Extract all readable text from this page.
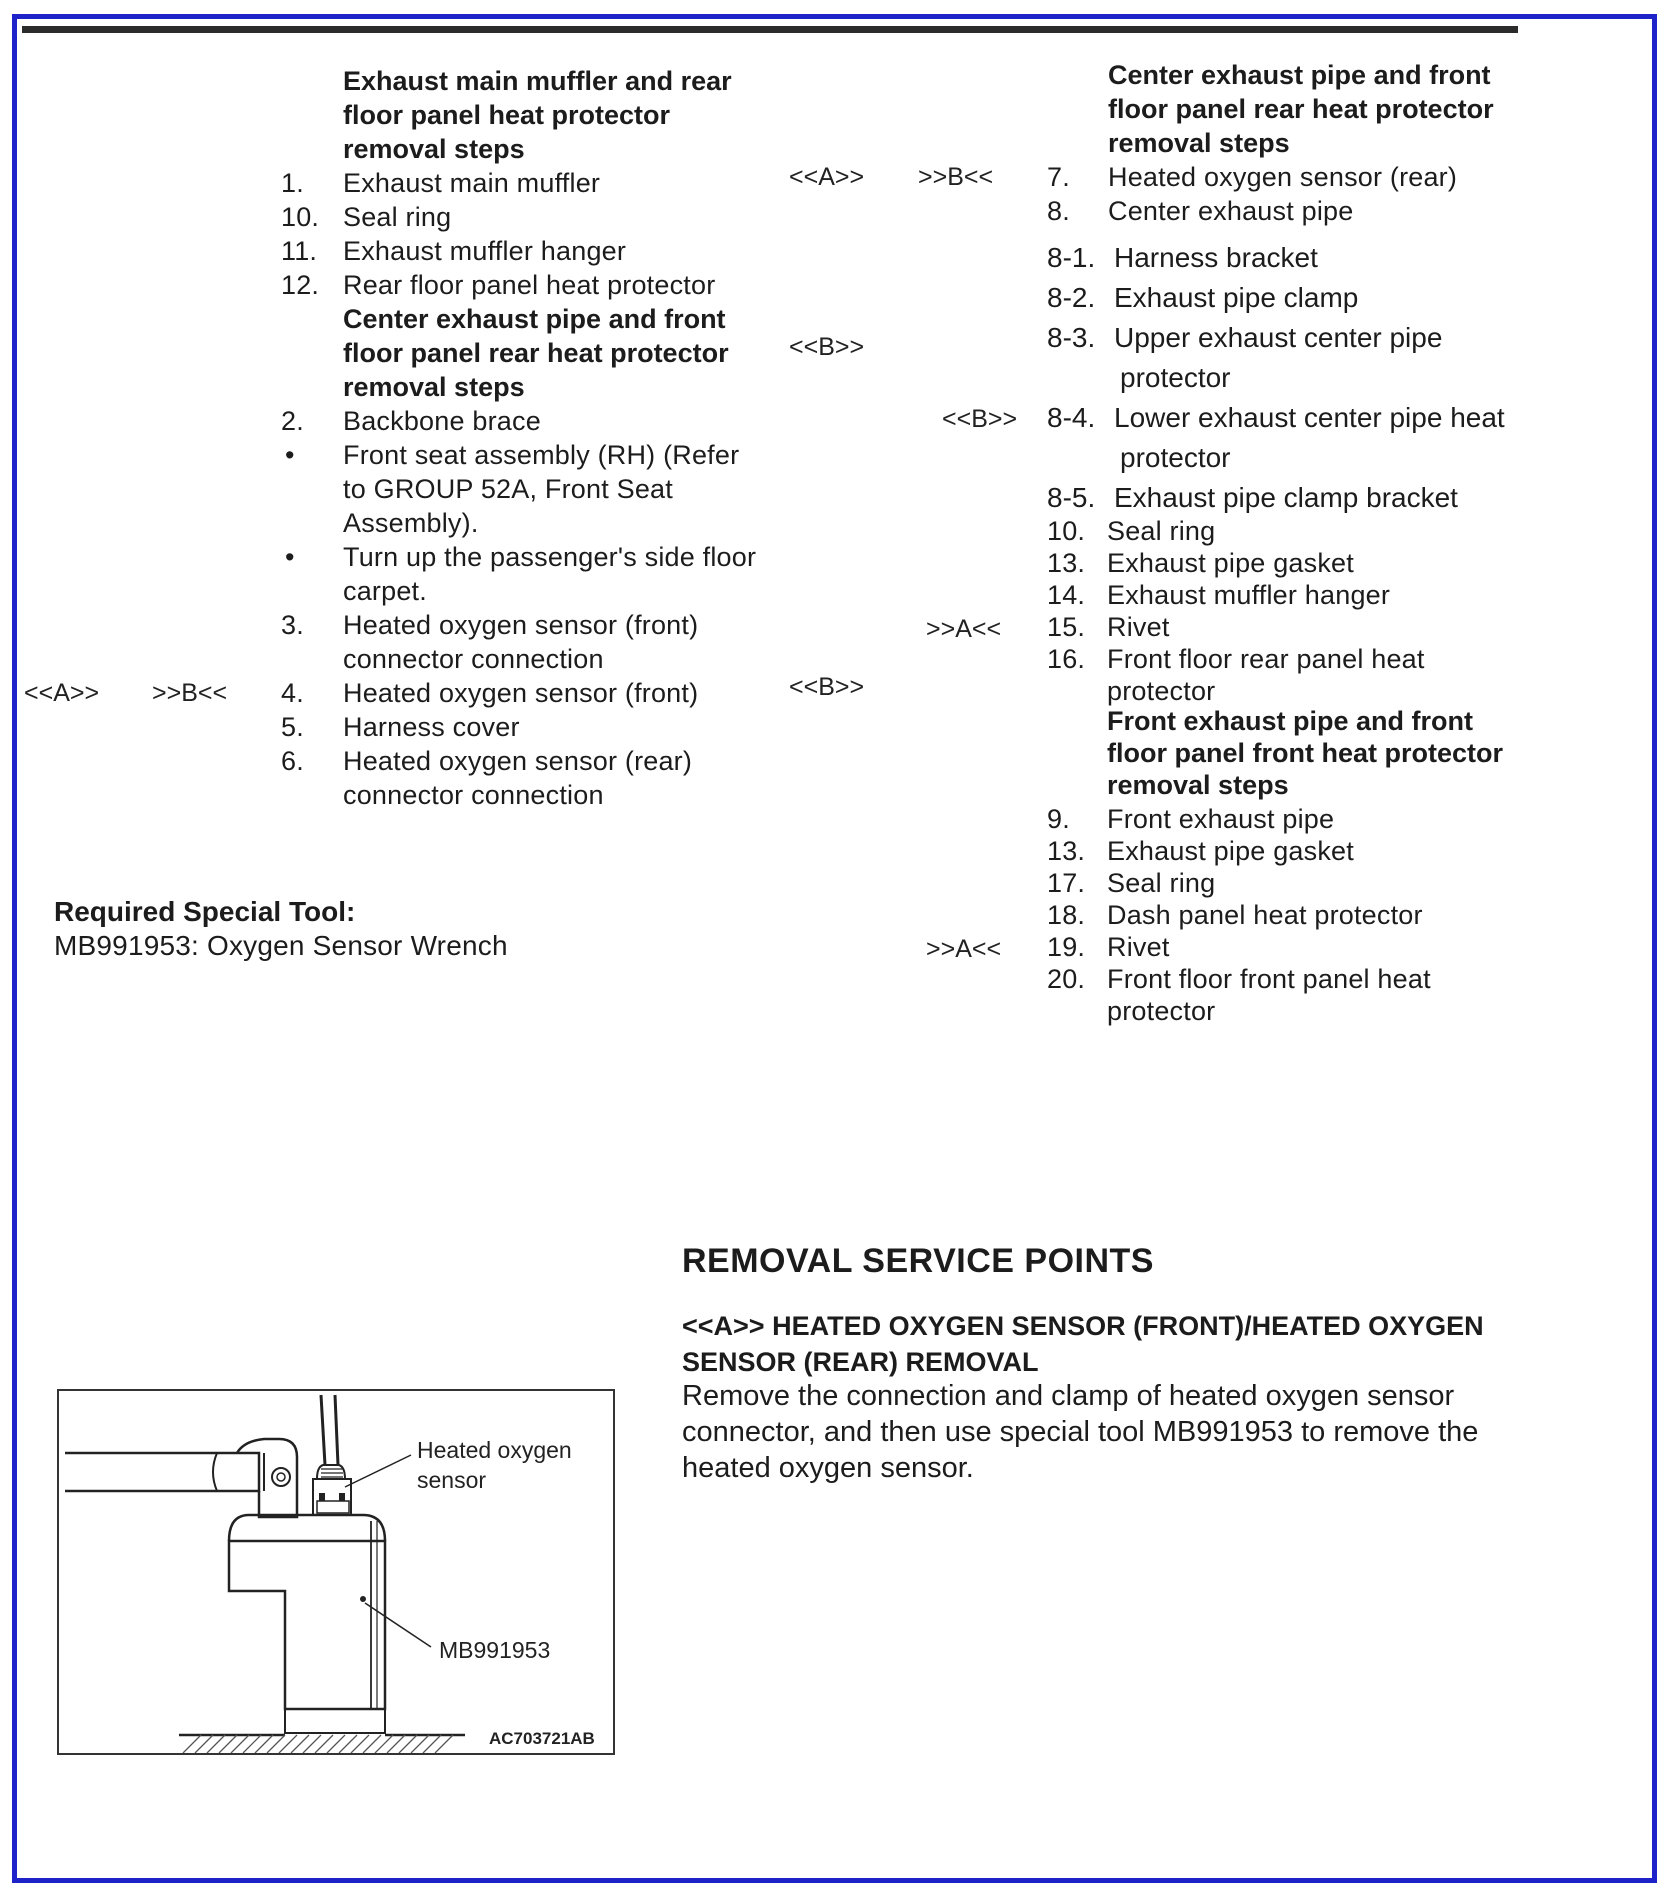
Exhaust main muffler and rear
floor panel heat protector
removal steps
1. Exhaust main muffler
10. Seal ring
11. Exhaust muffler hanger
12. Rear floor panel heat protector
Center exhaust pipe and front
floor panel rear heat protector
removal steps
2. Backbone brace
• Front seat assembly (RH) (Refer
to GROUP 52A, Front Seat
Assembly).
• Turn up the passenger's side floor
carpet.
3. Heated oxygen sensor (front)
connector connection
4. Heated oxygen sensor (front)
<<A>> >>B<<
5. Harness cover
6. Heated oxygen sensor (rear)
connector connection
Required Special Tool:
MB991953: Oxygen Sensor Wrench
<<A>> >>B<<
<<B>>
<<B>>
>>A<<
<<B>>
>>A<<
Center exhaust pipe and front
floor panel rear heat protector
removal steps
7. Heated oxygen sensor (rear)
8. Center exhaust pipe
8-1. Harness bracket
8-2. Exhaust pipe clamp
8-3. Upper exhaust center pipe
protector
8-4. Lower exhaust center pipe heat
protector
8-5. Exhaust pipe clamp bracket
10. Seal ring
13. Exhaust pipe gasket
14. Exhaust muffler hanger
15. Rivet
16. Front floor rear panel heat
protector
Front exhaust pipe and front
floor panel front heat protector
removal steps
9. Front exhaust pipe
13. Exhaust pipe gasket
17. Seal ring
18. Dash panel heat protector
19. Rivet
20. Front floor front panel heat
protector
REMOVAL SERVICE POINTS
<<A>> HEATED OXYGEN SENSOR (FRONT)/HEATED OXYGEN
SENSOR (REAR) REMOVAL
Remove the connection and clamp of heated oxygen sensor
connector, and then use special tool MB991953 to remove the
heated oxygen sensor.
Heated oxygen
sensor
MB991953
AC703721AB
